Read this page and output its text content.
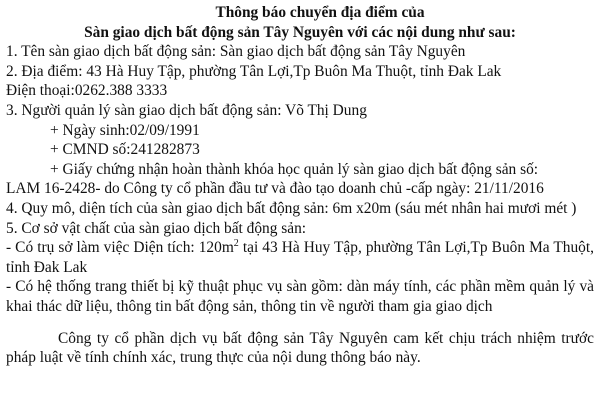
Thông báo chuyển địa điểm của
Sàn giao dịch bất động sản Tây Nguyên với các nội dung như sau:
1. Tên sàn giao dịch bất động sản: Sàn giao dịch bất động sản Tây Nguyên
2. Địa điểm: 43 Hà Huy Tập, phường Tân Lợi,Tp Buôn Ma Thuột, tỉnh Đak Lak
Điện thoại:0262.388 3333
3. Người quản lý sàn giao dịch bất động sản: Võ Thị Dung
+ Ngày sinh:02/09/1991
+ CMND số:241282873
+ Giấy chứng nhận hoàn thành khóa học quản lý sàn giao dịch bất động sản số:
LAM 16-2428- do Công ty cổ phần đầu tư và đào tạo doanh chủ -cấp ngày: 21/11/2016
4. Quy mô, diện tích của sàn giao dịch bất động sản: 6m x20m (sáu mét nhân hai mươi mét )
5. Cơ sở vật chất của sàn giao dịch bất động sản:
- Có trụ sở làm việc Diện tích: $120m^2$ tại 43 Hà Huy Tập, phường Tân Lợi,Tp Buôn Ma Thuột, tỉnh Đak Lak
- Có hệ thống trang thiết bị kỹ thuật phục vụ sàn gồm: dàn máy tính, các phần mềm quản lý và khai thác dữ liệu, thông tin bất động sản, thông tin về người tham gia giao dịch
Công ty cổ phần dịch vụ bất động sản Tây Nguyên cam kết chịu trách nhiệm trước pháp luật về tính chính xác, trung thực của nội dung thông báo này.
